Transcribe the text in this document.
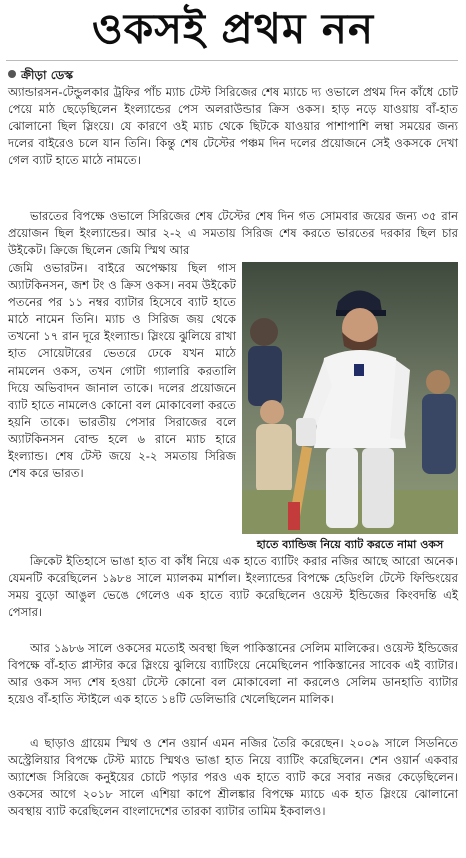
ওকসই প্রথম নন
ক্রীড়া ডেস্ক
অ্যান্ডারসন-টেন্ডুলকার ট্রফির পাঁচ ম্যাচ টেস্ট সিরিজের শেষ ম্যাচে দ্য ওভালে প্রথম দিন কাঁধে চোট পেয়ে মাঠ ছেড়েছিলেন ইংল্যান্ডের পেস অলরাউন্ডার ক্রিস ওকস। হাড় নড়ে যাওয়ায় বাঁ-হাত ঝোলানো ছিল স্লিংয়ে। যে কারণে ওই ম্যাচ থেকে ছিটকে যাওয়ার পাশাপাশি লম্বা সময়ের জন্য দলের বাইরেও চলে যান তিনি। কিন্তু শেষ টেস্টের পঞ্চম দিন দলের প্রয়োজনে সেই ওকসকে দেখা গেল ব্যাট হাতে মাঠে নামতে।
ভারতের বিপক্ষে ওভালে সিরিজের শেষ টেস্টের শেষ দিন গত সোমবার জয়ের জন্য ৩৫ রান প্রয়োজন ছিল ইংল্যান্ডের। আর ২-২ এ সমতায় সিরিজ শেষ করতে ভারতের দরকার ছিল চার উইকেট। ক্রিজে ছিলেন জেমি স্মিথ আর
জেমি ওভারটন। বাইরে অপেক্ষায় ছিল গাস অ্যাটকিনসন, জশ টং ও ক্রিস ওকস। নবম উইকেট পতনের পর ১১ নম্বর ব্যাটার হিসেবে ব্যাট হাতে মাঠে নামেন তিনি। ম্যাচ ও সিরিজ জয় থেকে তখনো ১৭ রান দূরে ইংল্যান্ড। স্লিংয়ে ঝুলিয়ে রাখা হাত সোয়েটারের ভেতরে ঢেকে যখন মাঠে নামলেন ওকস, তখন গোটা গ্যালারি করতালি দিয়ে অভিবাদন জানাল তাকে। দলের প্রয়োজনে ব্যাট হাতে নামলেও কোনো বল মোকাবেলা করতে হয়নি তাকে। ভারতীয় পেসার সিরাজের বলে অ্যাটকিনসন বোল্ড হলে ৬ রানে ম্যাচ হারে ইংল্যান্ড। শেষ টেস্ট জয়ে ২-২ সমতায় সিরিজ শেষ করে ভারত।
হাতে ব্যান্ডিজ নিয়ে ব্যাট করতে নামা ওকস
ক্রিকেট ইতিহাসে ভাঙা হাত বা কাঁধ নিয়ে এক হাতে ব্যাটিং করার নজির আছে আরো অনেক। যেমনটি করেছিলেন ১৯৮৪ সালে ম্যালকম মার্শাল। ইংল্যান্ডের বিপক্ষে হেডিংলি টেস্টে ফিল্ডিংয়ের সময় বুড়ো আঙুল ভেঙে গেলেও এক হাতে ব্যাট করেছিলেন ওয়েস্ট ইন্ডিজের কিংবদন্তি এই পেসার।
আর ১৯৮৬ সালে ওকসের মতোই অবস্থা ছিল পাকিস্তানের সেলিম মালিকের। ওয়েস্ট ইন্ডিজের বিপক্ষে বাঁ-হাত প্লাস্টার করে স্লিংয়ে ঝুলিয়ে ব্যাটিংয়ে নেমেছিলেন পাকিস্তানের সাবেক এই ব্যাটার। আর ওকস সদ্য শেষ হওয়া টেস্টে কোনো বল মোকাবেলা না করলেও সেলিম ডানহাতি ব্যাটার হয়েও বাঁ-হাতি স্টাইলে এক হাতে ১৪টি ডেলিভারি খেলেছিলেন মালিক।
এ ছাড়াও গ্রায়েম স্মিথ ও শেন ওয়ার্ন এমন নজির তৈরি করেছেন। ২০০৯ সালে সিডনিতে অস্ট্রেলিয়ার বিপক্ষে টেস্ট ম্যাচে স্মিথও ভাঙা হাত নিয়ে ব্যাটিং করেছিলেন। শেন ওয়ার্ন একবার অ্যাশেজ সিরিজে কনুইয়ের চোটে পড়ার পরও এক হাতে ব্যাট করে সবার নজর কেড়েছিলেন। ওকসের আগে ২০১৮ সালে এশিয়া কাপে শ্রীলঙ্কার বিপক্ষে ম্যাচে এক হাত স্লিংয়ে ঝোলানো অবস্থায় ব্যাট করেছিলেন বাংলাদেশের তারকা ব্যাটার তামিম ইকবালও।
